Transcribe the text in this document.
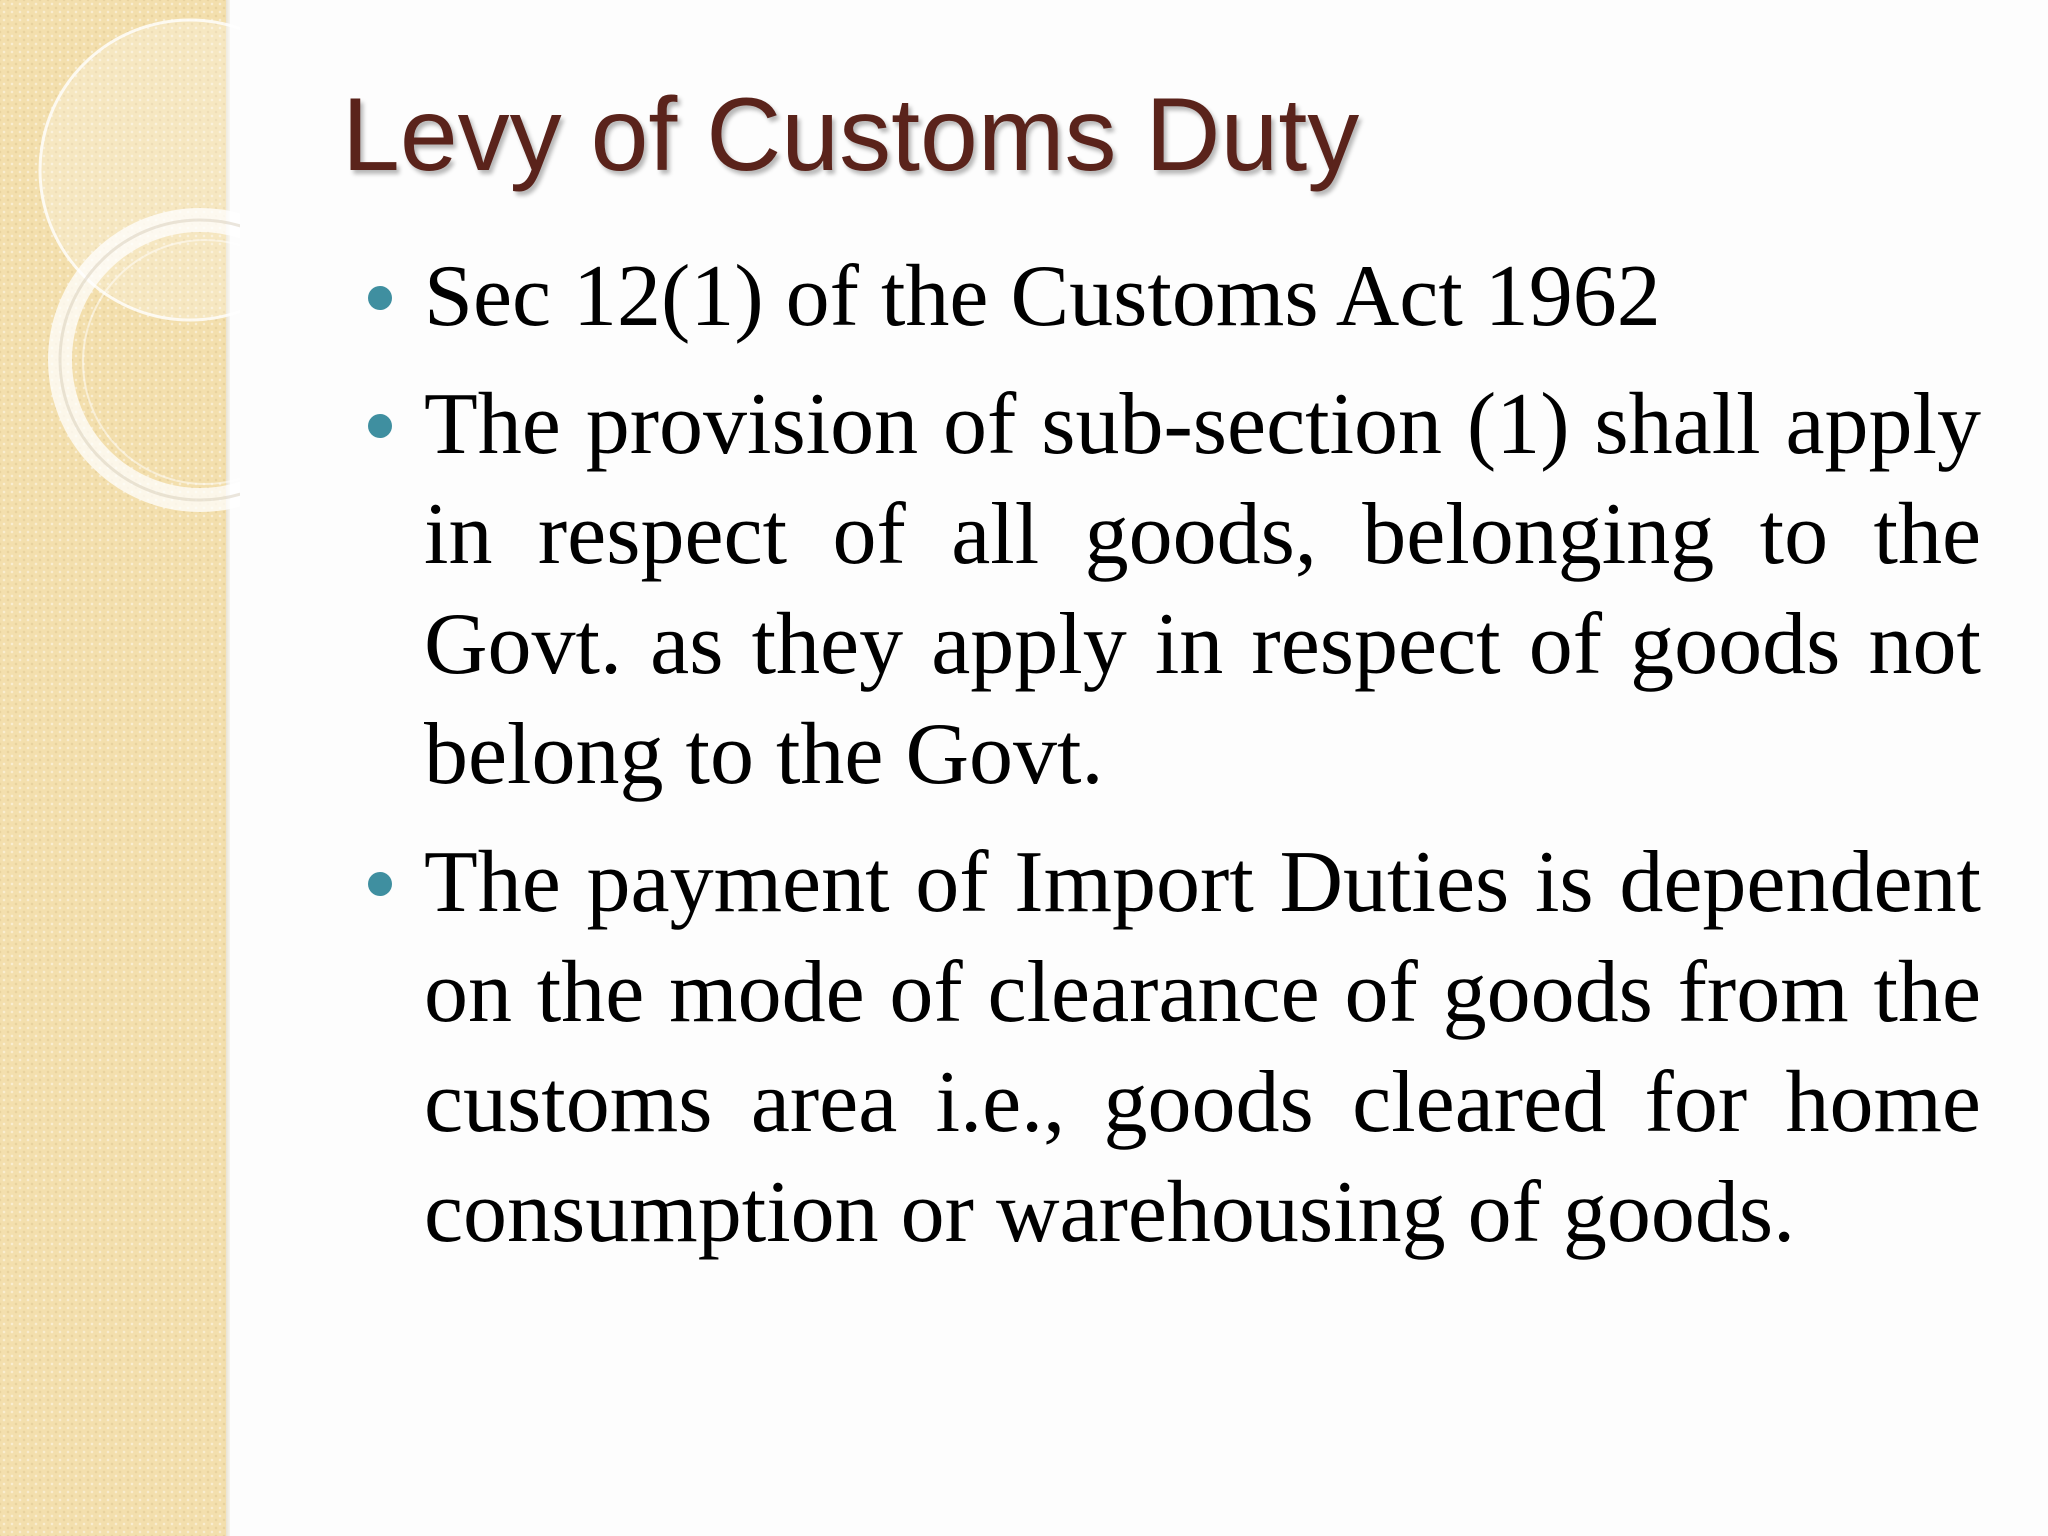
Levy of Customs Duty
Sec 12(1) of the Customs Act 1962
The provision of sub-section (1) shall apply in respect of all goods, belonging to the Govt. as they apply in respect of goods not belong to the Govt.
The payment of Import Duties is dependent on the mode of clearance of goods from the customs area i.e., goods cleared for home consumption or warehousing of goods.
